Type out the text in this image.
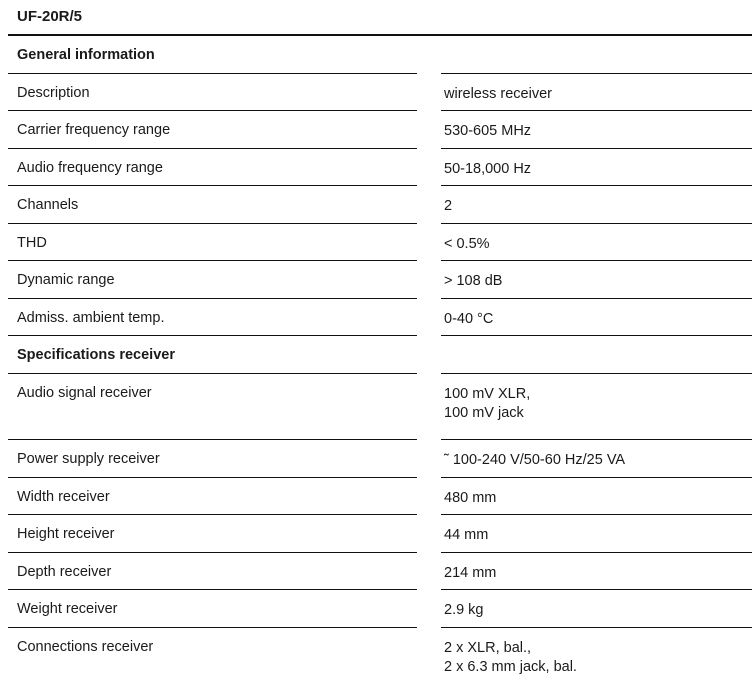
UF-20R/5
General information
Description	wireless receiver
Carrier frequency range	530-605 MHz
Audio frequency range	50-18,000 Hz
Channels	2
THD	< 0.5%
Dynamic range	> 108 dB
Admiss. ambient temp.	0-40 °C
Specifications receiver
Audio signal receiver	100 mV XLR,
100 mV jack
Power supply receiver	˜ 100-240 V/50-60 Hz/25 VA
Width receiver	480 mm
Height receiver	44 mm
Depth receiver	214 mm
Weight receiver	2.9 kg
Connections receiver	2 x XLR, bal.,
2 x 6.3 mm jack, bal.
